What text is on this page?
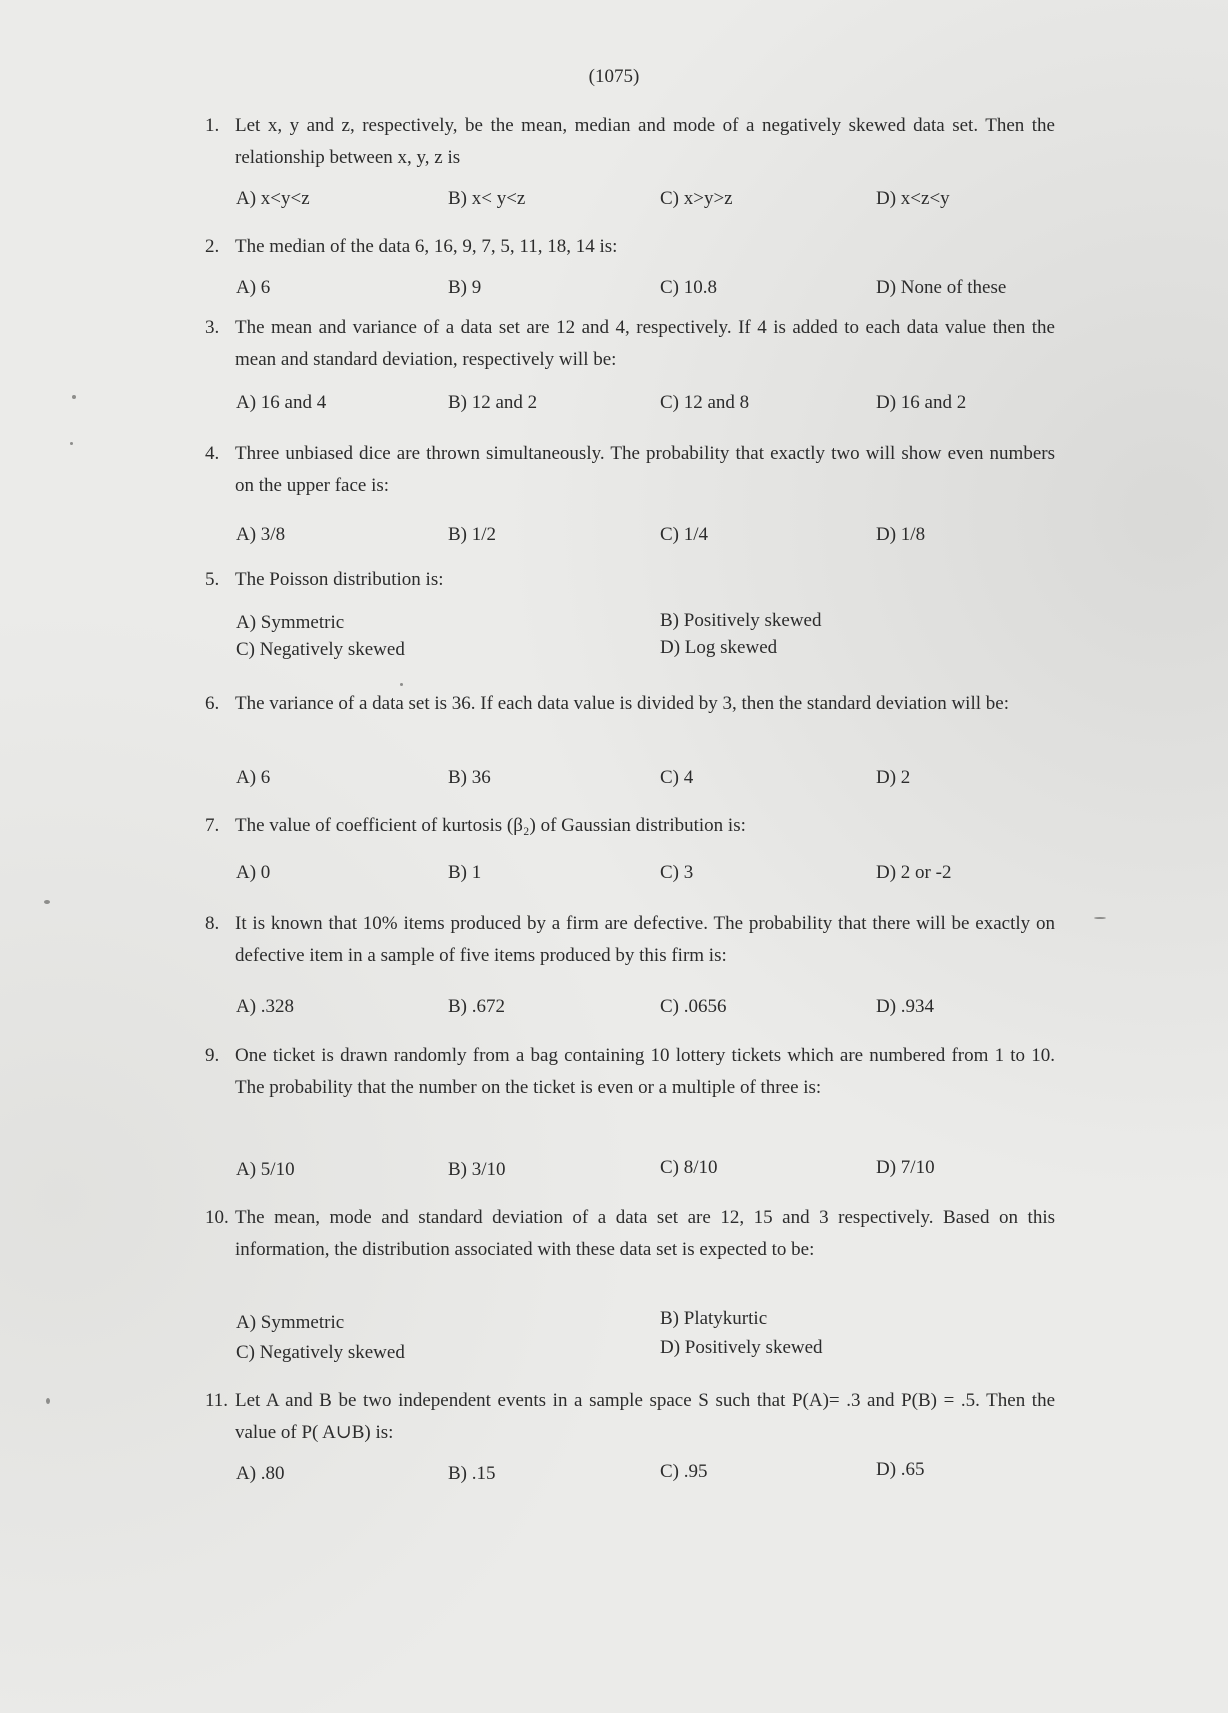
(1075)
1. Let x, y and z, respectively, be the mean, median and mode of a negatively skewed data set. Then the relationship between x, y, z is
A) x<y<z	B) x< y<z	C) x>y>z	D) x<z<y
2. The median of the data 6, 16, 9, 7, 5, 11, 18, 14 is:
A) 6	B) 9	C) 10.8	D) None of these
3. The mean and variance of a data set are 12 and 4, respectively. If 4 is added to each data value then the mean and standard deviation, respectively will be:
A) 16 and 4	B) 12 and 2	C) 12 and 8	D) 16 and 2
4. Three unbiased dice are thrown simultaneously. The probability that exactly two will show even numbers on the upper face is:
A) 3/8	B) 1/2	C) 1/4	D) 1/8
5. The Poisson distribution is:
A) Symmetric	B) Positively skewed
C) Negatively skewed	D) Log skewed
6. The variance of a data set is 36. If each data value is divided by 3, then the standard deviation will be:
A) 6	B) 36	C) 4	D) 2
7. The value of coefficient of kurtosis (β₂) of Gaussian distribution is:
A) 0	B) 1	C) 3	D) 2 or -2
8. It is known that 10% items produced by a firm are defective. The probability that there will be exactly on defective item in a sample of five items produced by this firm is:
A) .328	B) .672	C) .0656	D) .934
9. One ticket is drawn randomly from a bag containing 10 lottery tickets which are numbered from 1 to 10. The probability that the number on the ticket is even or a multiple of three is:
A) 5/10	B) 3/10	C) 8/10	D) 7/10
10. The mean, mode and standard deviation of a data set are 12, 15 and 3 respectively. Based on this information, the distribution associated with these data set is expected to be:
A) Symmetric	B) Platykurtic
C) Negatively skewed	D) Positively skewed
11. Let A and B be two independent events in a sample space S such that P(A)= .3 and P(B) = .5. Then the value of P( A∪B) is:
A) .80	B) .15	C) .95	D) .65
